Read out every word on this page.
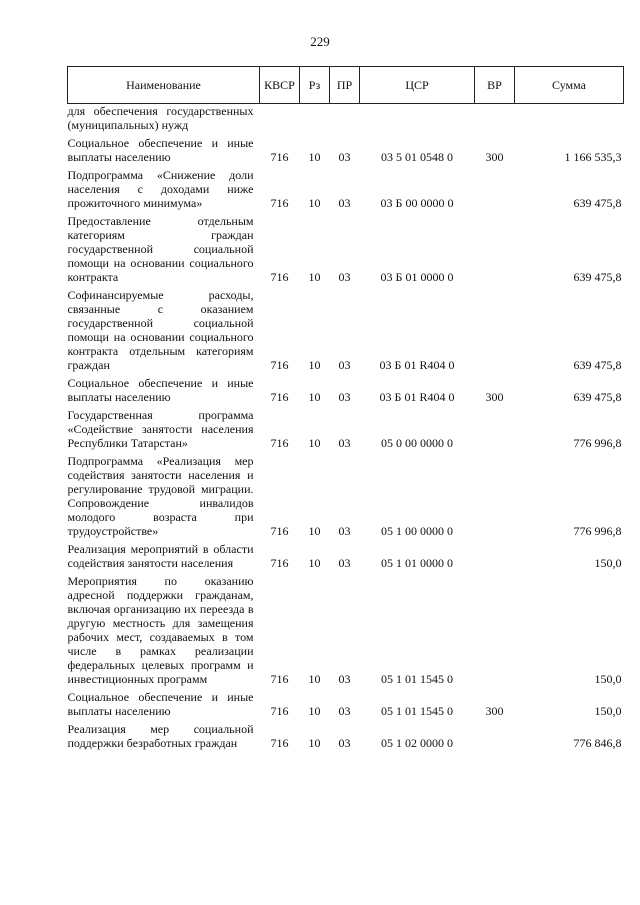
229
Наименование	КВСР	Рз	ПР	ЦСР	ВР	Сумма
для обеспечения государственных (муниципальных) нужд						
Социальное обеспечение и иные выплаты населению	716	10	03	03 5 01 0548 0	300	1 166 535,3
Подпрограмма «Снижение доли населения с доходами ниже прожиточного минимума»	716	10	03	03 Б 00 0000 0		639 475,8
Предоставление отдельным категориям граждан государственной социальной помощи на основании социального контракта	716	10	03	03 Б 01 0000 0		639 475,8
Софинансируемые расходы, связанные с оказанием государственной социальной помощи на основании социального контракта отдельным категориям граждан	716	10	03	03 Б 01 R404 0		639 475,8
Социальное обеспечение и иные выплаты населению	716	10	03	03 Б 01 R404 0	300	639 475,8
Государственная программа «Содействие занятости населения Республики Татарстан»	716	10	03	05 0 00 0000 0		776 996,8
Подпрограмма «Реализация мер содействия занятости населения и регулирование трудовой миграции. Сопровождение инвалидов молодого возраста при трудоустройстве»	716	10	03	05 1 00 0000 0		776 996,8
Реализация мероприятий в области содействия занятости населения	716	10	03	05 1 01 0000 0		150,0
Мероприятия по оказанию адресной поддержки гражданам, включая организацию их переезда в другую местность для замещения рабочих мест, создаваемых в том числе в рамках реализации федеральных целевых программ и инвестиционных программ	716	10	03	05 1 01 1545 0		150,0
Социальное обеспечение и иные выплаты населению	716	10	03	05 1 01 1545 0	300	150,0
Реализация мер социальной поддержки безработных граждан	716	10	03	05 1 02 0000 0		776 846,8
